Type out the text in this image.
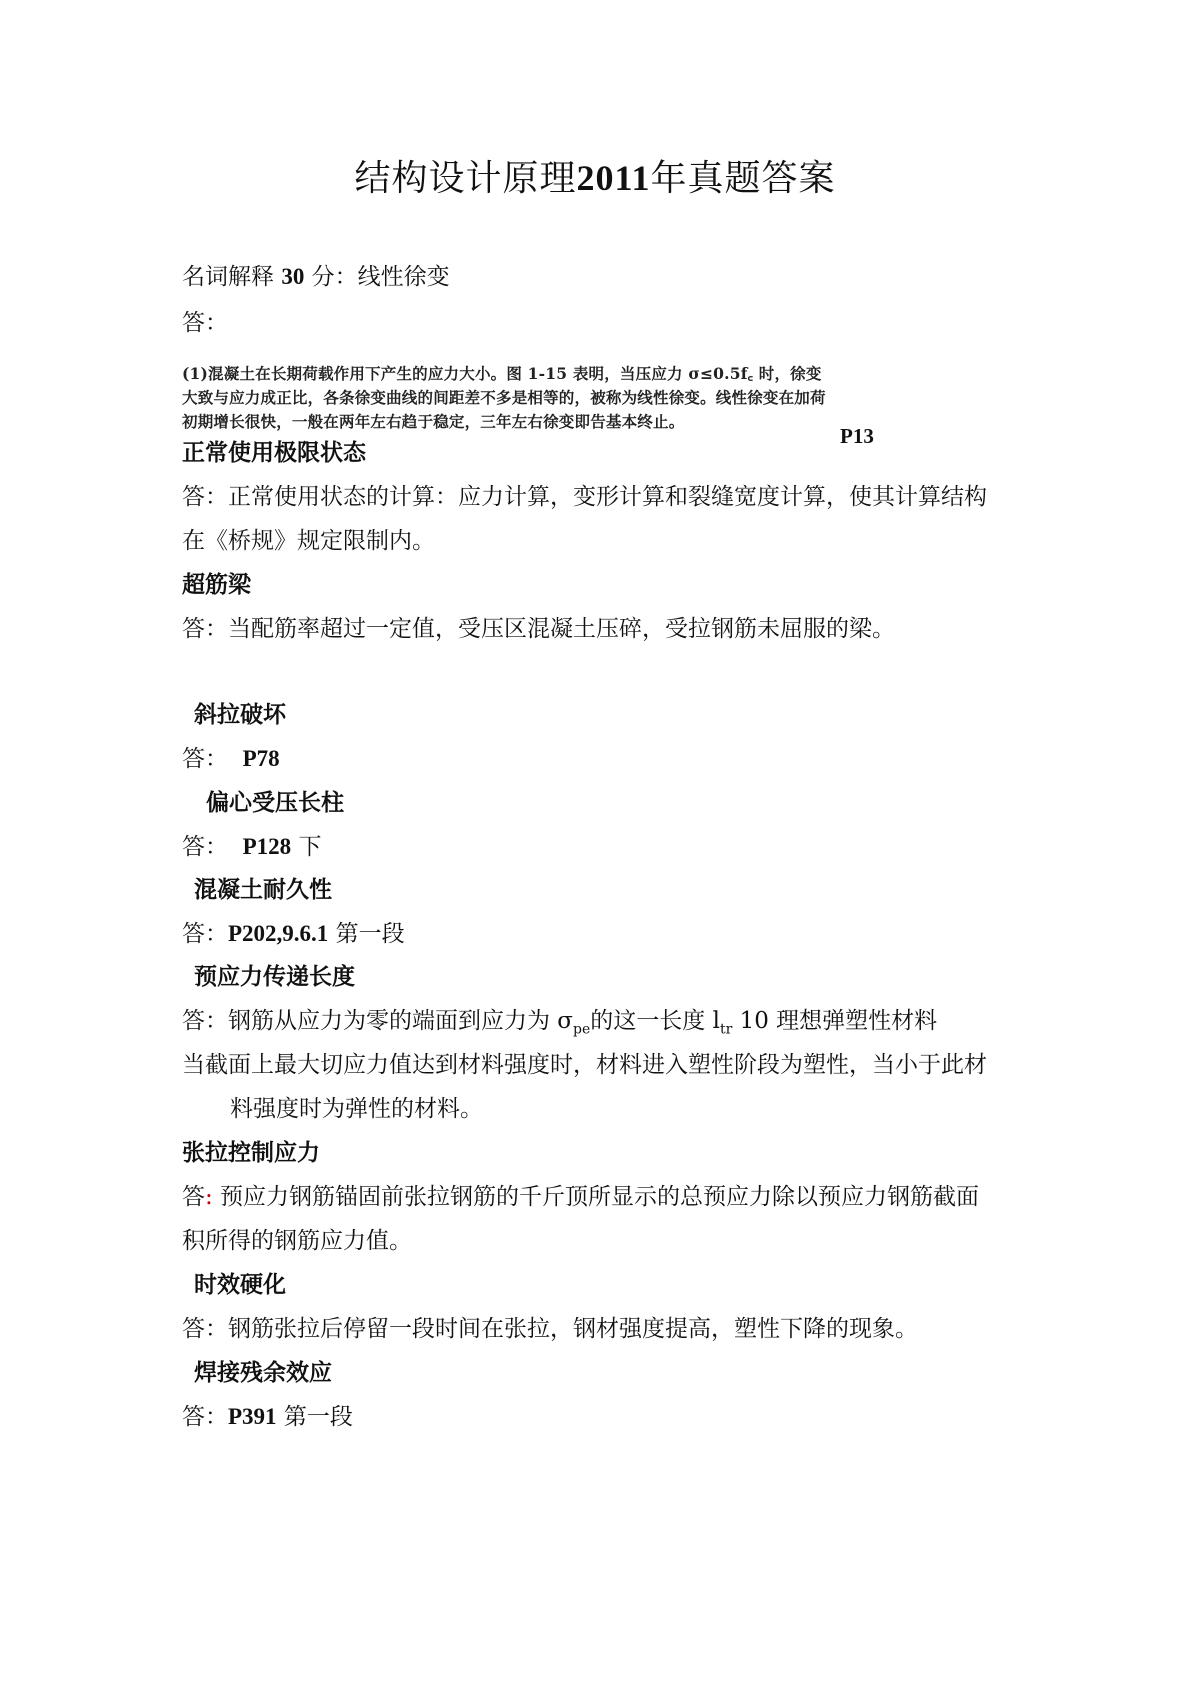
结构设计原理2011年真题答案
名词解释 30 分：线性徐变
答：
(1)混凝土在长期荷载作用下产生的应力大小。图 1-15 表明，当压应力 σ≤0.5f꜀ 时，徐变
大致与应力成正比，各条徐变曲线的间距差不多是相等的，被称为线性徐变。线性徐变在加荷
初期增长很快，一般在两年左右趋于稳定，三年左右徐变即告基本终止。
P13
正常使用极限状态
答：正常使用状态的计算：应力计算，变形计算和裂缝宽度计算，使其计算结构
在《桥规》规定限制内。
超筋梁
答：当配筋率超过一定值，受压区混凝土压碎，受拉钢筋未屈服的梁。
斜拉破坏
答： P78
偏心受压长柱
答： P128 下
混凝土耐久性
答：P202,9.6.1 第一段
预应力传递长度
答：钢筋从应力为零的端面到应力为 $\sigma_{pe}$的这一长度 $l_{tr}$ 10 理想弹塑性材料
当截面上最大切应力值达到材料强度时，材料进入塑性阶段为塑性，当小于此材
料强度时为弹性的材料。
张拉控制应力
答: 预应力钢筋锚固前张拉钢筋的千斤顶所显示的总预应力除以预应力钢筋截面
积所得的钢筋应力值。
时效硬化
答：钢筋张拉后停留一段时间在张拉，钢材强度提高，塑性下降的现象。
焊接残余效应
答：P391 第一段
